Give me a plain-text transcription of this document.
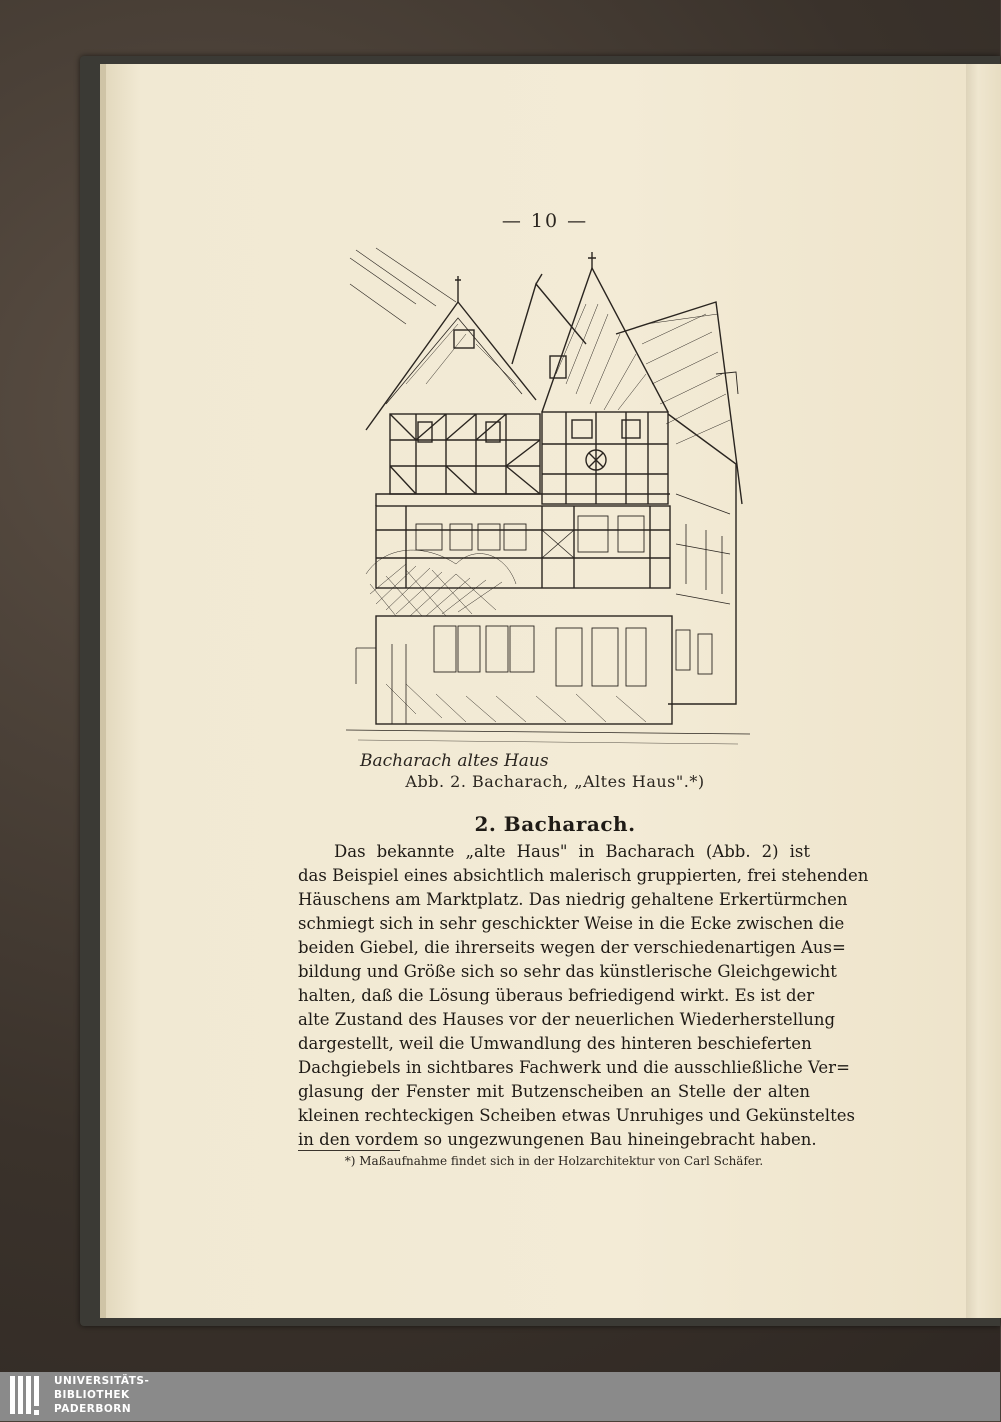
— 10 —
Bacharach altes Haus
Abb. 2. Bacharach, „Altes Haus".*)
2. Bacharach.
Das bekannte „alte Haus" in Bacharach (Abb. 2) ist
das Beispiel eines absichtlich malerisch gruppierten, frei stehenden
Häuschens am Marktplatz. Das niedrig gehaltene Erkertürmchen
schmiegt sich in sehr geschickter Weise in die Ecke zwischen die
beiden Giebel, die ihrerseits wegen der verschiedenartigen Aus=
bildung und Größe sich so sehr das künstlerische Gleichgewicht
halten, daß die Lösung überaus befriedigend wirkt. Es ist der
alte Zustand des Hauses vor der neuerlichen Wiederherstellung
dargestellt, weil die Umwandlung des hinteren beschieferten
Dachgiebels in sichtbares Fachwerk und die ausschließliche Ver=
glasung der Fenster mit Butzenscheiben an Stelle der alten
kleinen rechteckigen Scheiben etwas Unruhiges und Gekünsteltes
in den vordem so ungezwungenen Bau hineingebracht haben.
*) Maßaufnahme findet sich in der Holzarchitektur von Carl Schäfer.
UNIVERSITÄTS-
BIBLIOTHEK
PADERBORN
